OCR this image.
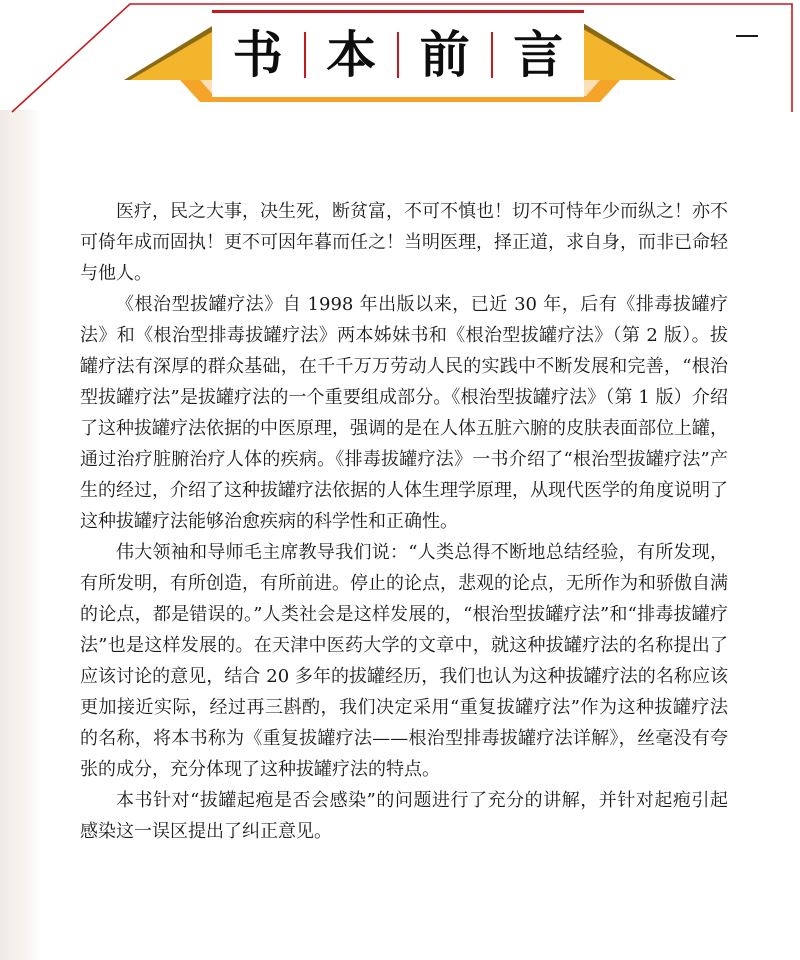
书 本 前 言

医疗，民之大事，决生死，断贫富，不可不慎也！切不可恃年少而纵之！亦不可倚年成而固执！更不可因年暮而任之！当明医理，择正道，求自身，而非已命轻与他人。

《根治型拔罐疗法》自 1998 年出版以来，已近 30 年，后有《排毒拔罐疗法》和《根治型排毒拔罐疗法》两本姊妹书和《根治型拔罐疗法》（第 2 版）。拔罐疗法有深厚的群众基础，在千千万万劳动人民的实践中不断发展和完善，“根治型拔罐疗法”是拔罐疗法的一个重要组成部分。《根治型拔罐疗法》（第 1 版）介绍了这种拔罐疗法依据的中医原理，强调的是在人体五脏六腑的皮肤表面部位上罐，通过治疗脏腑治疗人体的疾病。《排毒拔罐疗法》一书介绍了“根治型拔罐疗法”产生的经过，介绍了这种拔罐疗法依据的人体生理学原理，从现代医学的角度说明了这种拔罐疗法能够治愈疾病的科学性和正确性。

伟大领袖和导师毛主席教导我们说：“人类总得不断地总结经验，有所发现，有所发明，有所创造，有所前进。停止的论点，悲观的论点，无所作为和骄傲自满的论点，都是错误的。”人类社会是这样发展的，“根治型拔罐疗法”和“排毒拔罐疗法”也是这样发展的。在天津中医药大学的文章中，就这种拔罐疗法的名称提出了应该讨论的意见，结合 20 多年的拔罐经历，我们也认为这种拔罐疗法的名称应该更加接近实际，经过再三斟酌，我们决定采用“重复拔罐疗法”作为这种拔罐疗法的名称，将本书称为《重复拔罐疗法——根治型排毒拔罐疗法详解》，丝毫没有夸张的成分，充分体现了这种拔罐疗法的特点。

本书针对“拔罐起疱是否会感染”的问题进行了充分的讲解，并针对起疱引起感染这一误区提出了纠正意见。
